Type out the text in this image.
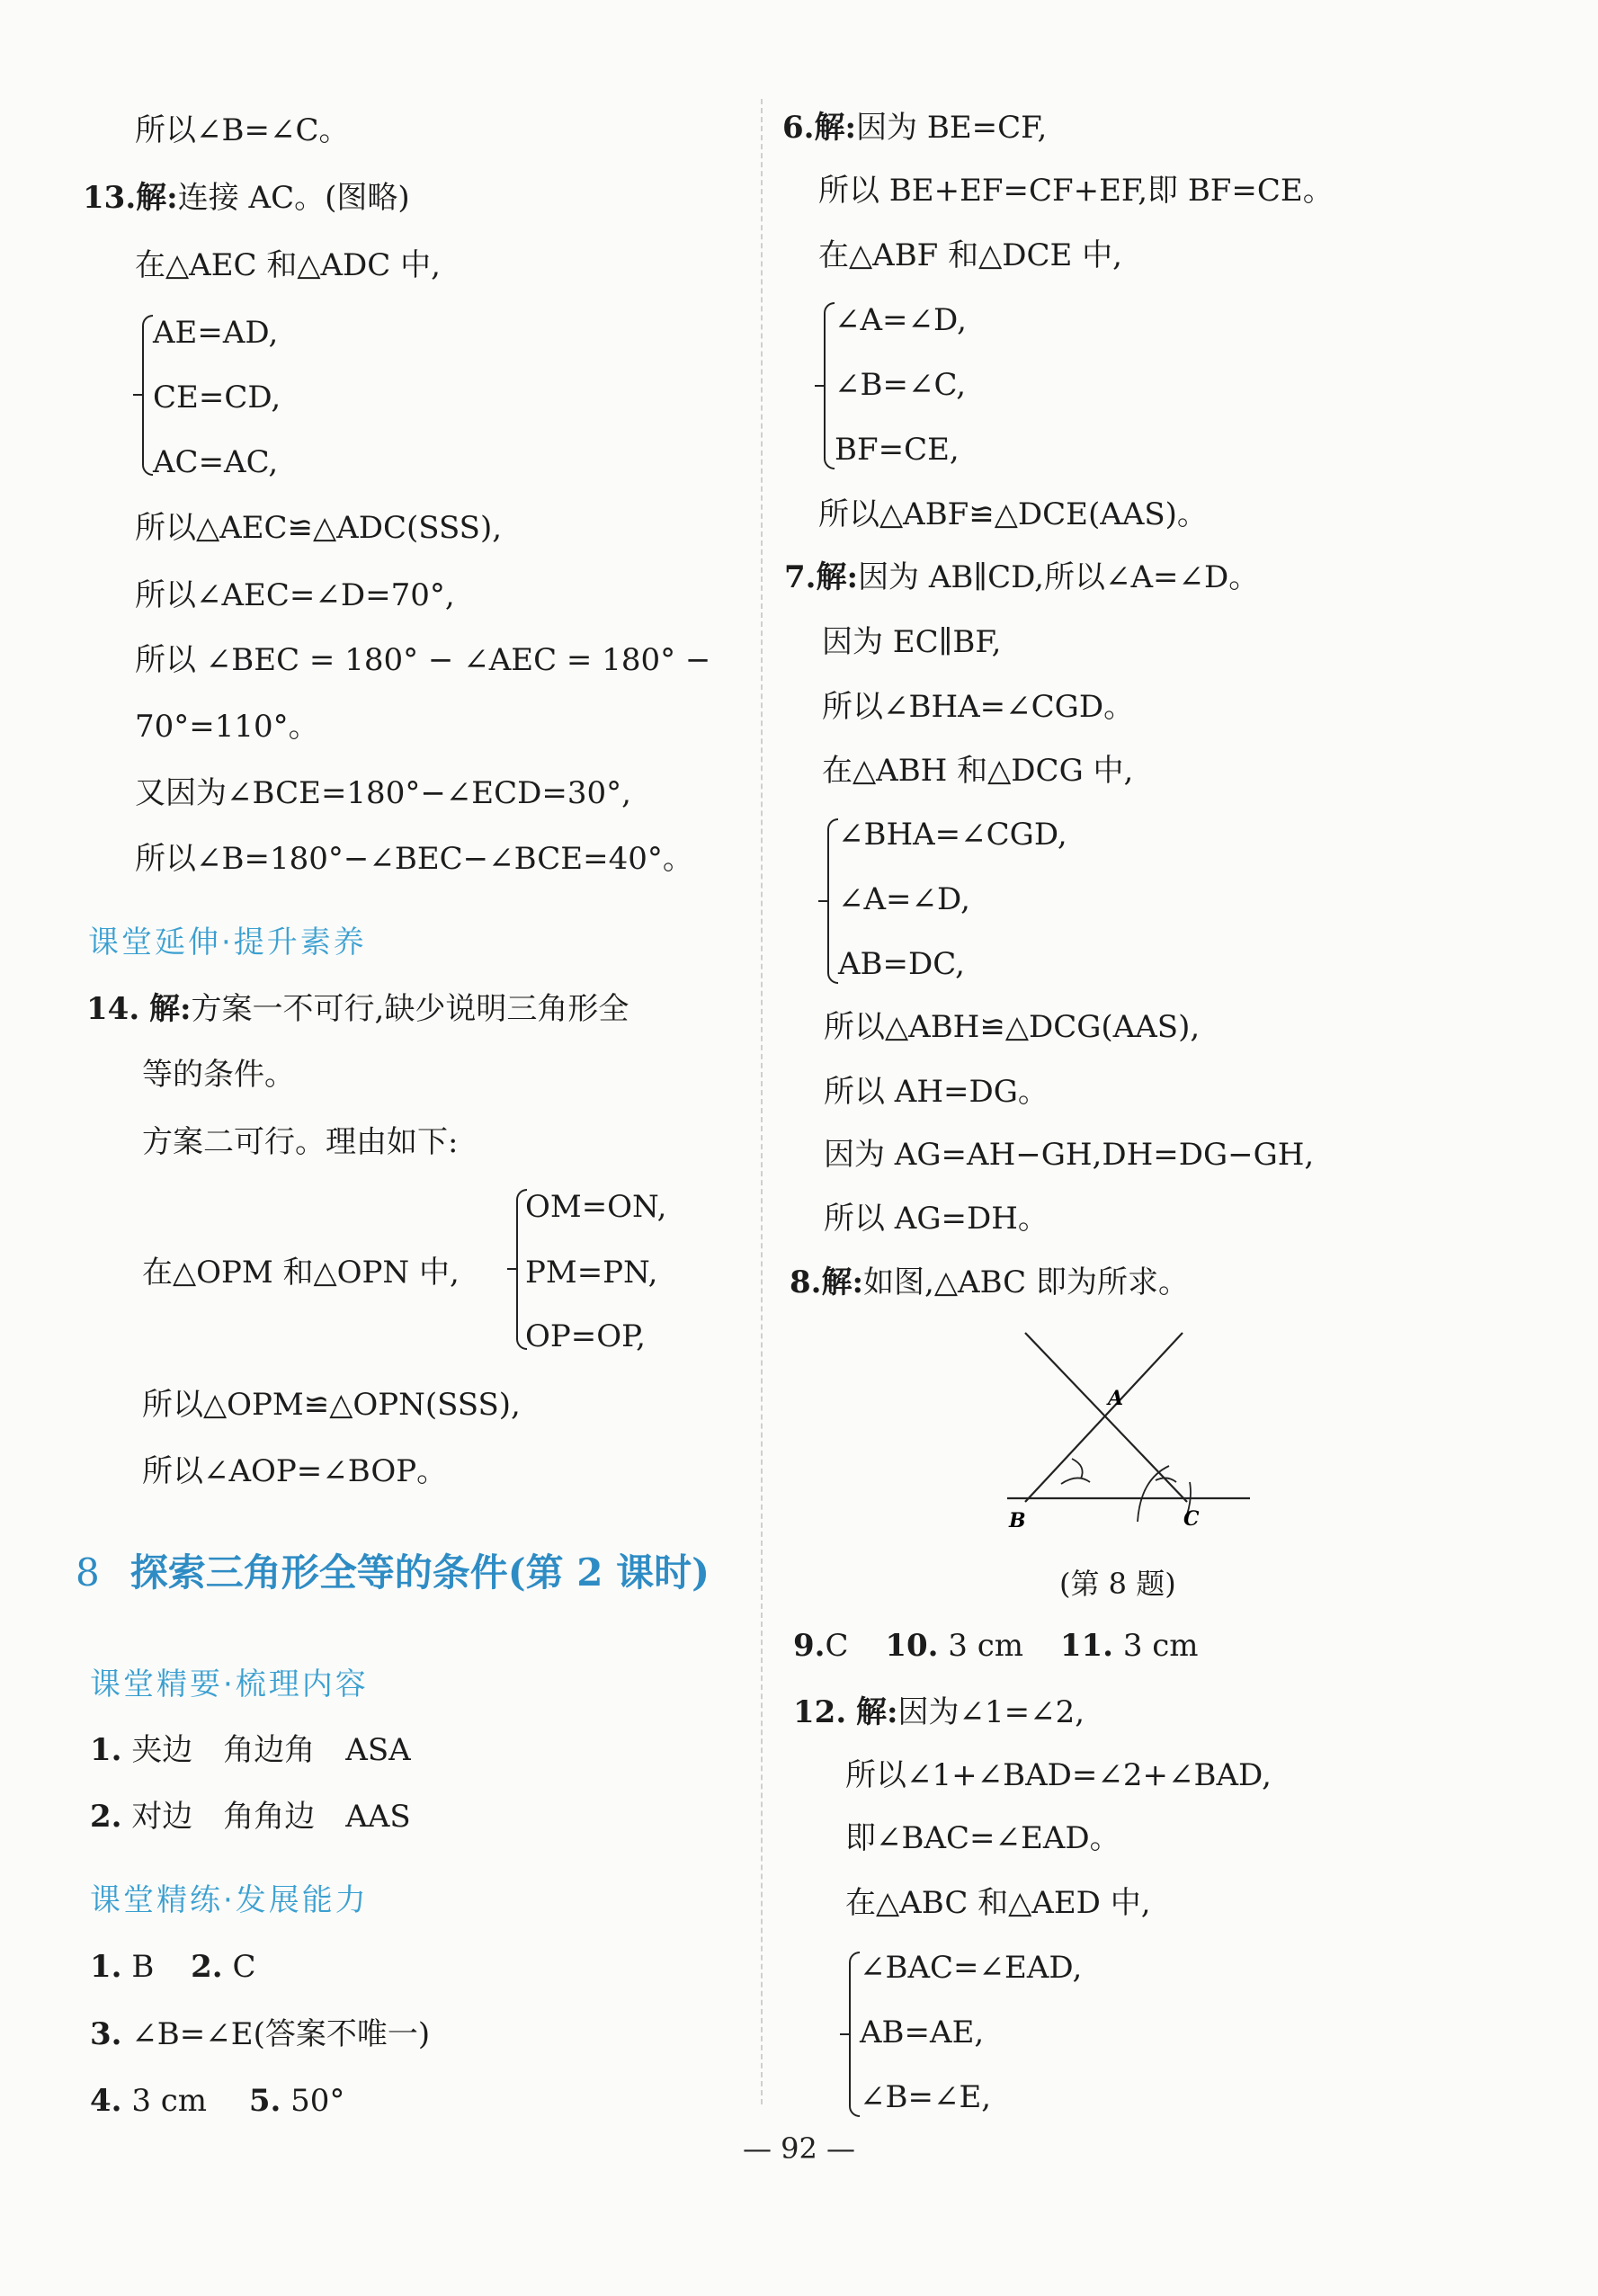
所以∠B=∠C。
13.解:连接 AC。(图略)
在△AEC 和△ADC 中,
AE=AD,
CE=CD,
AC=AC,
所以△AEC≌△ADC(SSS),
所以∠AEC=∠D=70°,
所以 ∠BEC = 180° − ∠AEC = 180° −
70°=110°。
又因为∠BCE=180°−∠ECD=30°,
所以∠B=180°−∠BEC−∠BCE=40°。
课堂延伸·提升素养
14. 解:方案一不可行,缺少说明三角形全
等的条件。
方案二可行。理由如下:
OM=ON,
在△OPM 和△OPN 中, PM=PN,
OP=OP,
所以△OPM≌△OPN(SSS),
所以∠AOP=∠BOP。
8 探索三角形全等的条件(第 2 课时)
课堂精要·梳理内容
1. 夹边　角边角　ASA
2. 对边　角角边　AAS
课堂精练·发展能力
1. B 2. C
3. ∠B=∠E(答案不唯一)
4. 3 cm 5. 50°
6.解:因为 BE=CF,
所以 BE+EF=CF+EF,即 BF=CE。
在△ABF 和△DCE 中,
∠A=∠D,
∠B=∠C,
BF=CE,
所以△ABF≌△DCE(AAS)。
7.解:因为 AB∥CD,所以∠A=∠D。
因为 EC∥BF,
所以∠BHA=∠CGD。
在△ABH 和△DCG 中,
∠BHA=∠CGD,
∠A=∠D,
AB=DC,
所以△ABH≌△DCG(AAS),
所以 AH=DG。
因为 AG=AH−GH,DH=DG−GH,
所以 AG=DH。
8.解:如图,△ABC 即为所求。
A
B	C
(第 8 题)
9.C 10. 3 cm 11. 3 cm
12. 解:因为∠1=∠2,
所以∠1+∠BAD=∠2+∠BAD,
即∠BAC=∠EAD。
在△ABC 和△AED 中,
∠BAC=∠EAD,
AB=AE,
∠B=∠E,
— 92 —
